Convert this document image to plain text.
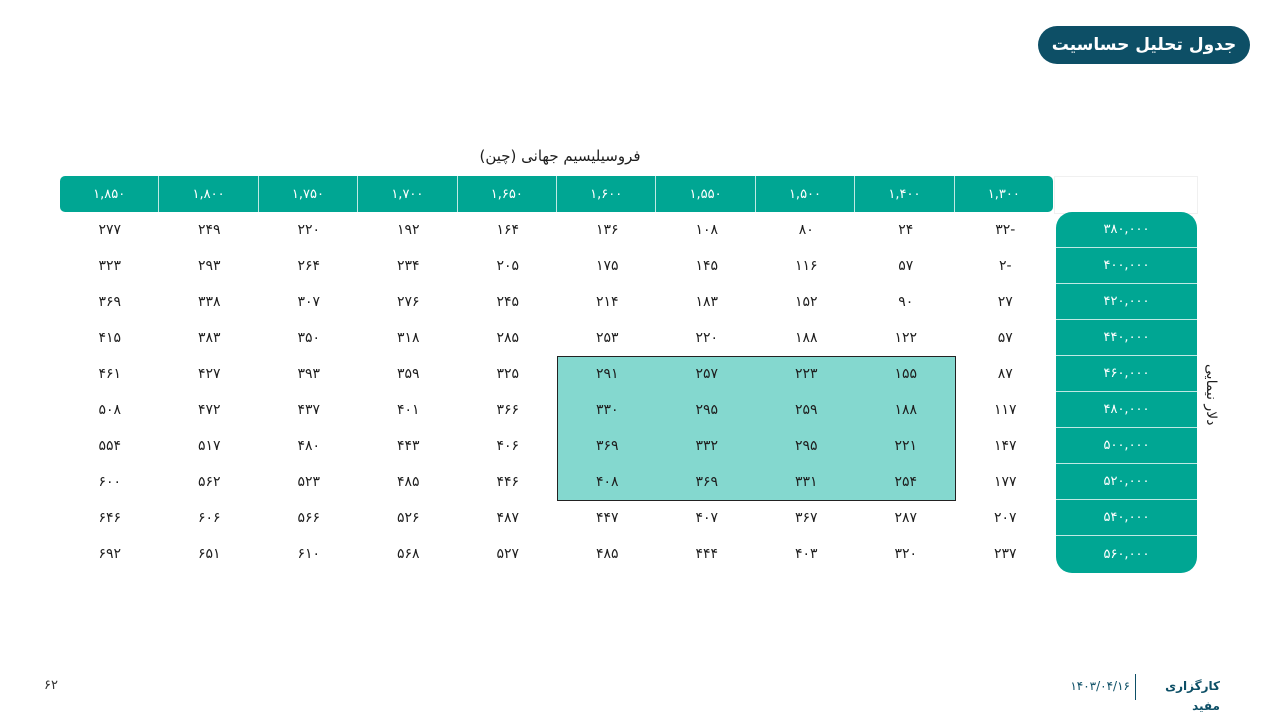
جدول تحلیل حساسیت
فروسیلیسیم جهانی (چین)
۱,۳۰۰
۱,۴۰۰
۱,۵۰۰
۱,۵۵۰
۱,۶۰۰
۱,۶۵۰
۱,۷۰۰
۱,۷۵۰
۱,۸۰۰
۱,۸۵۰
۳۸۰,۰۰۰
۴۰۰,۰۰۰
۴۲۰,۰۰۰
۴۴۰,۰۰۰
۴۶۰,۰۰۰
۴۸۰,۰۰۰
۵۰۰,۰۰۰
۵۲۰,۰۰۰
۵۴۰,۰۰۰
۵۶۰,۰۰۰
دلار نیمایی
-۳۲
۲۴
۸۰
۱۰۸
۱۳۶
۱۶۴
۱۹۲
۲۲۰
۲۴۹
۲۷۷
-۲
۵۷
۱۱۶
۱۴۵
۱۷۵
۲۰۵
۲۳۴
۲۶۴
۲۹۳
۳۲۳
۲۷
۹۰
۱۵۲
۱۸۳
۲۱۴
۲۴۵
۲۷۶
۳۰۷
۳۳۸
۳۶۹
۵۷
۱۲۲
۱۸۸
۲۲۰
۲۵۳
۲۸۵
۳۱۸
۳۵۰
۳۸۳
۴۱۵
۸۷
۱۵۵
۲۲۳
۲۵۷
۲۹۱
۳۲۵
۳۵۹
۳۹۳
۴۲۷
۴۶۱
۱۱۷
۱۸۸
۲۵۹
۲۹۵
۳۳۰
۳۶۶
۴۰۱
۴۳۷
۴۷۲
۵۰۸
۱۴۷
۲۲۱
۲۹۵
۳۳۲
۳۶۹
۴۰۶
۴۴۳
۴۸۰
۵۱۷
۵۵۴
۱۷۷
۲۵۴
۳۳۱
۳۶۹
۴۰۸
۴۴۶
۴۸۵
۵۲۳
۵۶۲
۶۰۰
۲۰۷
۲۸۷
۳۶۷
۴۰۷
۴۴۷
۴۸۷
۵۲۶
۵۶۶
۶۰۶
۶۴۶
۲۳۷
۳۲۰
۴۰۳
۴۴۴
۴۸۵
۵۲۷
۵۶۸
۶۱۰
۶۵۱
۶۹۲
کارگزاری مفید
۱۴۰۳/۰۴/۱۶
۶۲
